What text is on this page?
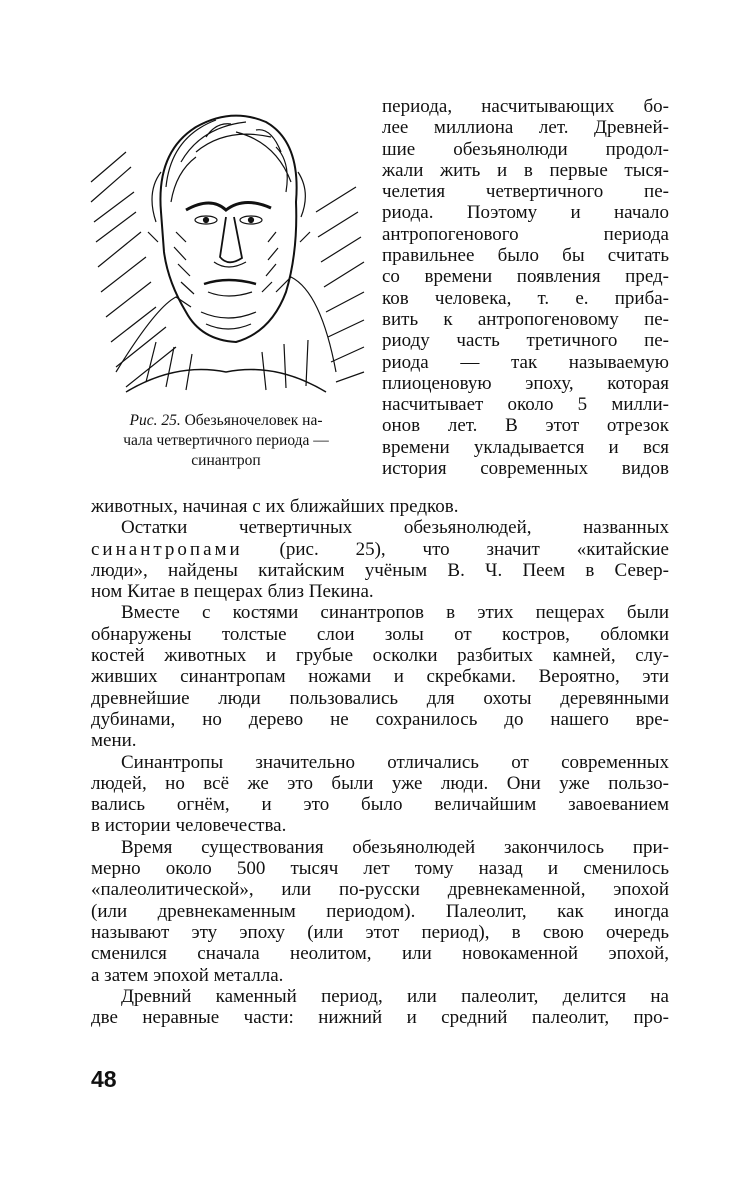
Рис. 25. Обезьяночеловек на-
чала четвертичного периода —
синантроп
периода, насчитывающих бо-
лее миллиона лет. Древней-
шие обезьянолюди продол-
жали жить и в первые тыся-
челетия четвертичного пе-
риода. Поэтому и начало
антропогенового периода
правильнее было бы считать
со времени появления пред-
ков человека, т. е. приба-
вить к антропогеновому пе-
риоду часть третичного пе-
риода — так называемую
плиоценовую эпоху, которая
насчитывает около 5 милли-
онов лет. В этот отрезок
времени укладывается и вся
история современных видов
животных, начиная с их ближайших предков.
Остатки четвертичных обезьянолюдей, названных
синантропами (рис. 25), что значит «китайские
люди», найдены китайским учёным В. Ч. Пеем в Север-
ном Китае в пещерах близ Пекина.
Вместе с костями синантропов в этих пещерах были
обнаружены толстые слои золы от костров, обломки
костей животных и грубые осколки разбитых камней, слу-
живших синантропам ножами и скребками. Вероятно, эти
древнейшие люди пользовались для охоты деревянными
дубинами, но дерево не сохранилось до нашего вре-
мени.
Синантропы значительно отличались от современных
людей, но всё же это были уже люди. Они уже пользо-
вались огнём, и это было величайшим завоеванием
в истории человечества.
Время существования обезьянолюдей закончилось при-
мерно около 500 тысяч лет тому назад и сменилось
«палеолитической», или по-русски древнекаменной, эпохой
(или древнекаменным периодом). Палеолит, как иногда
называют эту эпоху (или этот период), в свою очередь
сменился сначала неолитом, или новокаменной эпохой,
а затем эпохой металла.
Древний каменный период, или палеолит, делится на
две неравные части: нижний и средний палеолит, про-
48
